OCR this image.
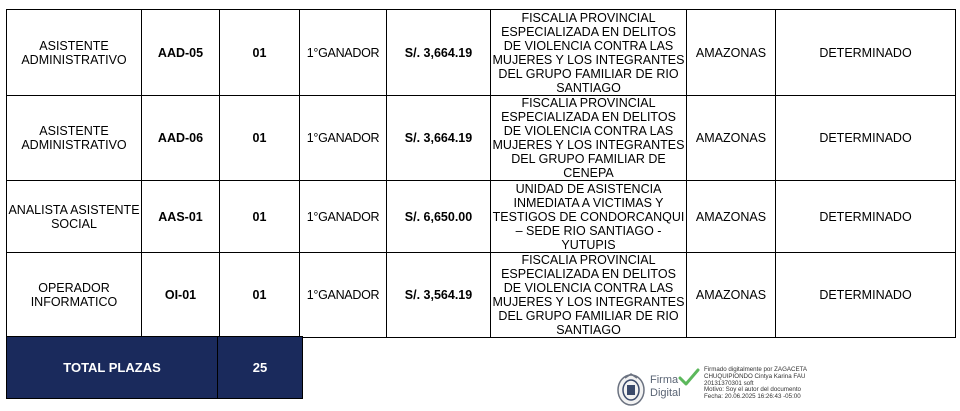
ASISTENTE ADMINISTRATIVO	AAD-05	01	1°GANADOR	S/. 3,664.19	FISCALIA PROVINCIAL ESPECIALIZADA EN DELITOS DE VIOLENCIA CONTRA LAS MUJERES Y LOS INTEGRANTES DEL GRUPO FAMILIAR DE RIO SANTIAGO	AMAZONAS	DETERMINADO
ASISTENTE ADMINISTRATIVO	AAD-06	01	1°GANADOR	S/. 3,664.19	FISCALIA PROVINCIAL ESPECIALIZADA EN DELITOS DE VIOLENCIA CONTRA LAS MUJERES Y LOS INTEGRANTES DEL GRUPO FAMILIAR DE CENEPA	AMAZONAS	DETERMINADO
ANALISTA ASISTENTE SOCIAL	AAS-01	01	1°GANADOR	S/. 6,650.00	UNIDAD DE ASISTENCIA INMEDIATA A VICTIMAS Y TESTIGOS DE CONDORCANQUI – SEDE RIO SANTIAGO - YUTUPIS	AMAZONAS	DETERMINADO
OPERADOR INFORMATICO	OI-01	01	1°GANADOR	S/. 3,564.19	FISCALIA PROVINCIAL ESPECIALIZADA EN DELITOS DE VIOLENCIA CONTRA LAS MUJERES Y LOS INTEGRANTES DEL GRUPO FAMILIAR DE RIO SANTIAGO	AMAZONAS	DETERMINADO
TOTAL PLAZAS	25
Firma Digital
Firmado digitalmente por ZAGACETA
CHUQUIPIONDO Cintya Karina FAU
20131370301 soft
Motivo: Soy el autor del documento
Fecha: 20.06.2025 16:26:43 -05:00
